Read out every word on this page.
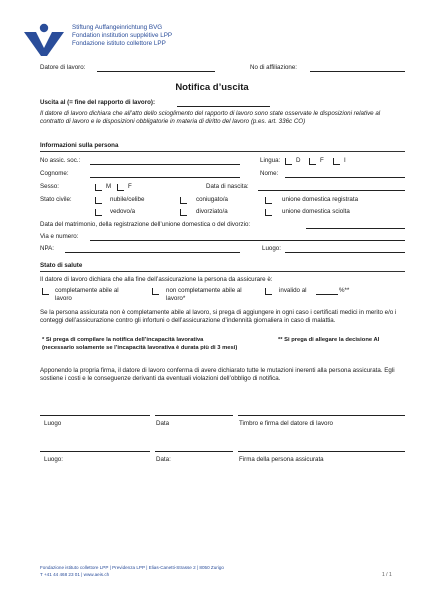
Stiftung Auffangeinrichtung BVG
Fondation institution supplétive LPP
Fondazione istituto collettore LPP
Datore di lavoro:	No di affiliazione:
Notifica d’uscita
Uscita al (= fine del rapporto di lavoro):
Il datore di lavoro dichiara che all’atto dello scioglimento del rapporto di lavoro sono state osservate le disposizioni relative al contratto di lavoro e le disposizioni obbligatorie in materia di diritto del lavoro (p.es. art. 336c CO)
Informazioni sulla persona
No assic. soc.:	Lingua:	D	F	I
Cognome:	Nome:
Sesso:	M	F	Data di nascita:
Stato civile:	nubile/celibe	coniugato/a	unione domestica registrata
vedovo/a	divorziato/a	unione domestica sciolta
Data del matrimonio, della registrazione dell’unione domestica o del divorzio:
Via e numero:
NPA:	Luogo:
Stato di salute
Il datore di lavoro dichiara che alla fine dell’assicurazione la persona da assicurare è:
completamente abile al
lavoro
non completamente abile al
lavoro*
invalido al	%**
Se la persona assicurata non è completamente abile al lavoro, si prega di aggiungere in ogni caso i certificati medici in merito e/o i conteggi dell’assicurazione contro gli infortuni o dell’assicurazione d’indennità giornaliera in caso di malattia.
* Si prega di compilare la notifica dell’incapacità lavorativa
(necessario solamente se l’incapacità lavorativa è durata più di 3 mesi)
** Si prega di allegare la decisione AI
Apponendo la propria firma, il datore di lavoro conferma di avere dichiarato tutte le mutazioni inerenti alla persona assicurata. Egli sostiene i costi e le conseguenze derivanti da eventuali violazioni dell’obbligo di notifica.
Luogo	Data	Timbro e firma del datore di lavoro
Luogo:	Data:	Firma della persona assicurata
Fondazione istituto collettore LPP | Previdenza LPP | Elias-Canetti-Strasse 2 | 8050 Zurigo
T +41 44 468 23 01 | www.aeis.ch	1 / 1
